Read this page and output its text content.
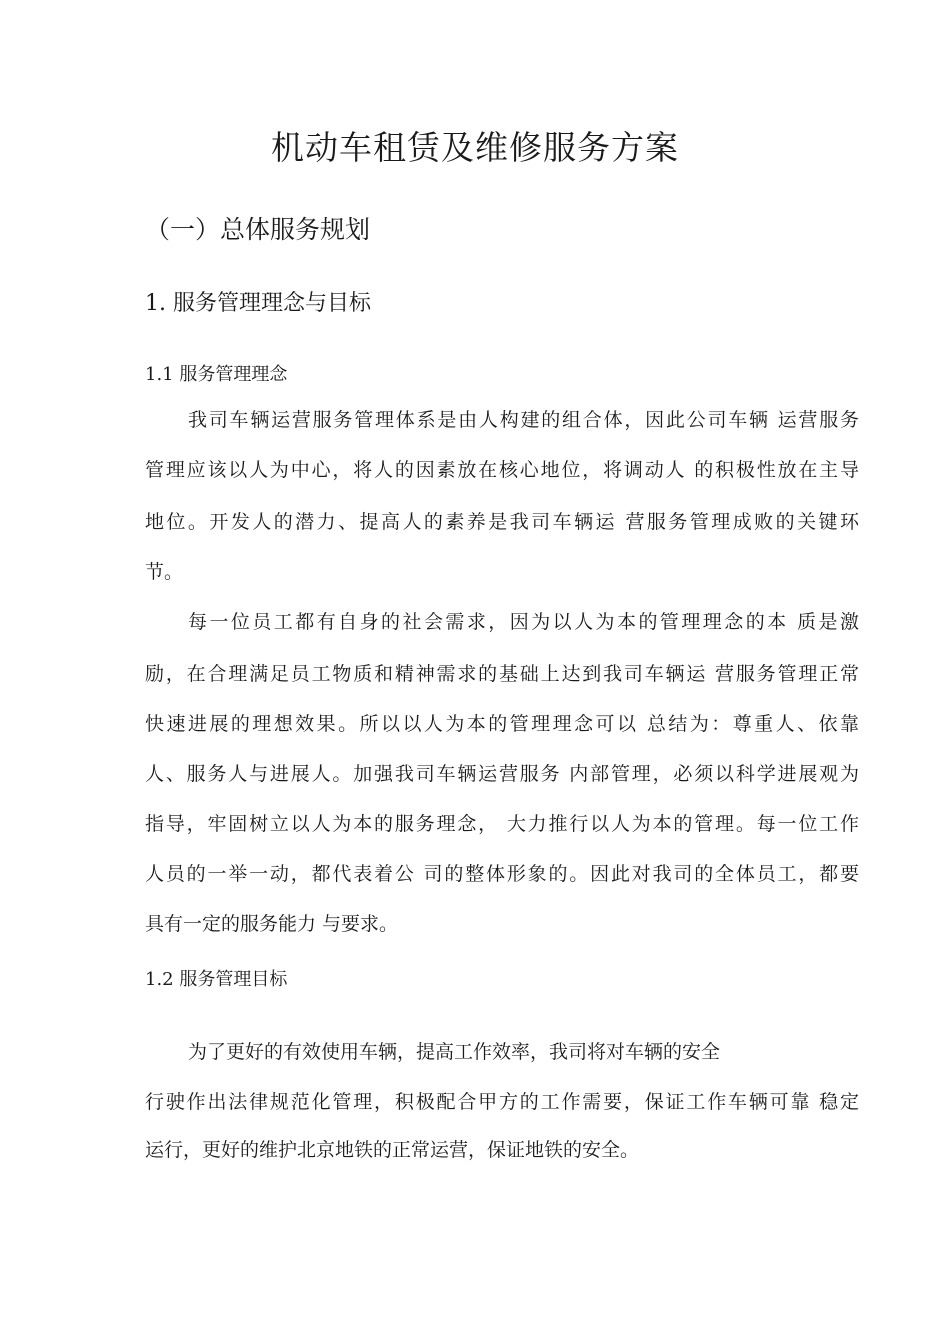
机动车租赁及维修服务方案
（一）总体服务规划
1. 服务管理理念与目标
1.1 服务管理理念
我司车辆运营服务管理体系是由人构建的组合体，因此公司车辆 运营服务
管理应该以人为中心，将人的因素放在核心地位，将调动人 的积极性放在主导
地位。开发人的潜力、提高人的素养是我司车辆运 营服务管理成败的关键环
节。
每一位员工都有自身的社会需求，因为以人为本的管理理念的本 质是激
励，在合理满足员工物质和精神需求的基础上达到我司车辆运 营服务管理正常
快速进展的理想效果。所以以人为本的管理理念可以 总结为：尊重人、依靠
人、服务人与进展人。加强我司车辆运营服务 内部管理，必须以科学进展观为
指导，牢固树立以人为本的服务理念， 大力推行以人为本的管理。每一位工作
人员的一举一动，都代表着公 司的整体形象的。因此对我司的全体员工，都要
具有一定的服务能力 与要求。
1.2 服务管理目标
为了更好的有效使用车辆，提高工作效率，我司将对车辆的安全
行驶作出法律规范化管理，积极配合甲方的工作需要，保证工作车辆可靠 稳定
运行，更好的维护北京地铁的正常运营，保证地铁的安全。
